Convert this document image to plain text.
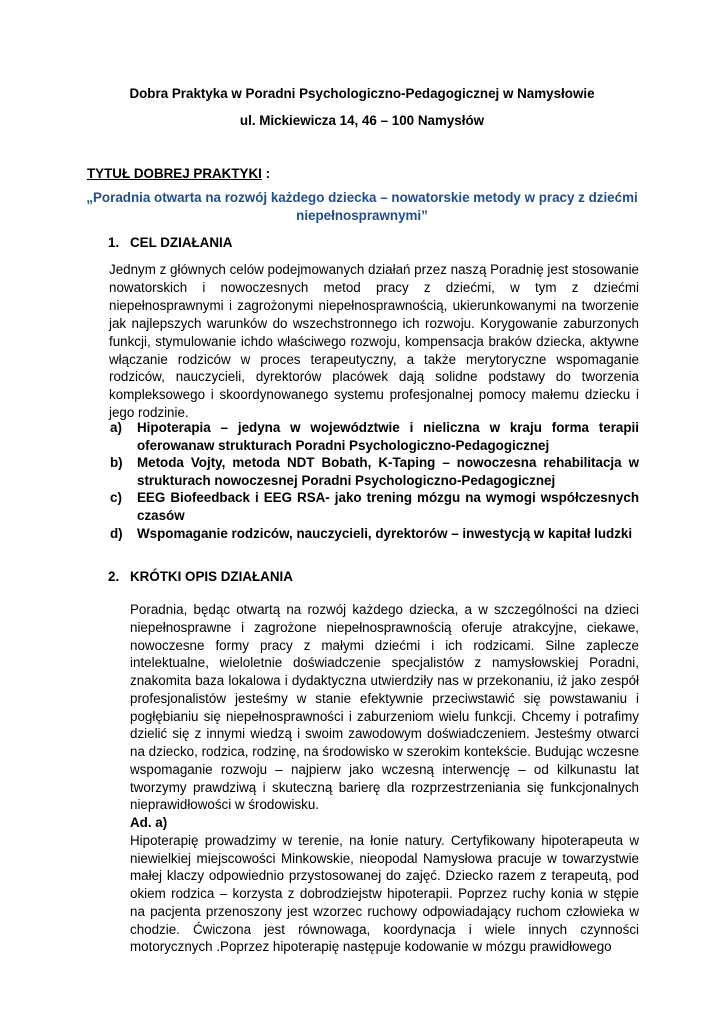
Dobra Praktyka w Poradni Psychologiczno-Pedagogicznej w Namysłowie
ul. Mickiewicza 14, 46 – 100 Namysłów
TYTUŁ DOBREJ PRAKTYKI :
„Poradnia otwarta na rozwój każdego dziecka – nowatorskie metody w pracy z dziećmi niepełnosprawnymi”
1. CEL DZIAŁANIA
Jednym z głównych celów podejmowanych działań przez naszą Poradnię jest stosowanie nowatorskich i nowoczesnych metod pracy z dziećmi, w tym z dziećmi niepełnosprawnymi i zagrożonymi niepełnosprawnością, ukierunkowanymi na tworzenie jak najlepszych warunków do wszechstronnego ich rozwoju. Korygowanie zaburzonych funkcji, stymulowanie ichdo właściwego rozwoju, kompensacja braków dziecka, aktywne włączanie rodziców w proces terapeutyczny, a także merytoryczne wspomaganie rodziców, nauczycieli, dyrektorów placówek dają solidne podstawy do tworzenia kompleksowego i skoordynowanego systemu profesjonalnej pomocy małemu dziecku i jego rodzinie.
a) Hipoterapia – jedyna w województwie i nieliczna w kraju forma terapii oferowanaw strukturach Poradni Psychologiczno-Pedagogicznej
b) Metoda Vojty, metoda NDT Bobath, K-Taping – nowoczesna rehabilitacja w strukturach nowoczesnej Poradni Psychologiczno-Pedagogicznej
c) EEG Biofeedback i EEG RSA- jako trening mózgu na wymogi współczesnych czasów
d) Wspomaganie rodziców, nauczycieli, dyrektorów – inwestycją w kapitał ludzki
2. KRÓTKI OPIS DZIAŁANIA

Poradnia, będąc otwartą na rozwój każdego dziecka, a w szczególności na dzieci niepełnosprawne i zagrożone niepełnosprawnością oferuje atrakcyjne, ciekawe, nowoczesne formy pracy z małymi dziećmi i ich rodzicami. Silne zaplecze intelektualne, wieloletnie doświadczenie specjalistów z namysłowskiej Poradni, znakomita baza lokalowa i dydaktyczna utwierdziły nas w przekonaniu, iż jako zespół profesjonalistów jesteśmy w stanie efektywnie przeciwstawić się powstawaniu i pogłębianiu się niepełnosprawności i zaburzeniom wielu funkcji. Chcemy i potrafimy dzielić się z innymi wiedzą i swoim zawodowym doświadczeniem. Jesteśmy otwarci na dziecko, rodzica, rodzinę, na środowisko w szerokim kontekście. Budując wczesne wspomaganie rozwoju – najpierw jako wczesną interwencję – od kilkunastu lat tworzymy prawdziwą i skuteczną barierę dla rozprzestrzeniania się funkcjonalnych nieprawidłowości w środowisku.

Ad. a)

Hipoterapię prowadzimy w terenie, na łonie natury. Certyfikowany hipoterapeuta w niewielkiej miejscowości Minkowskie, nieopodal Namysłowa pracuje w towarzystwie małej klaczy odpowiednio przystosowanej do zajęć. Dziecko razem z terapeutą, pod okiem rodzica – korzysta z dobrodziejstw hipoterapii. Poprzez ruchy konia w stępie na pacjenta przenoszony jest wzorzec ruchowy odpowiadający ruchom człowieka w chodzie. Ćwiczona jest równowaga, koordynacja i wiele innych czynności motorycznych .Poprzez hipoterapię następuje kodowanie w mózgu prawidłowego
